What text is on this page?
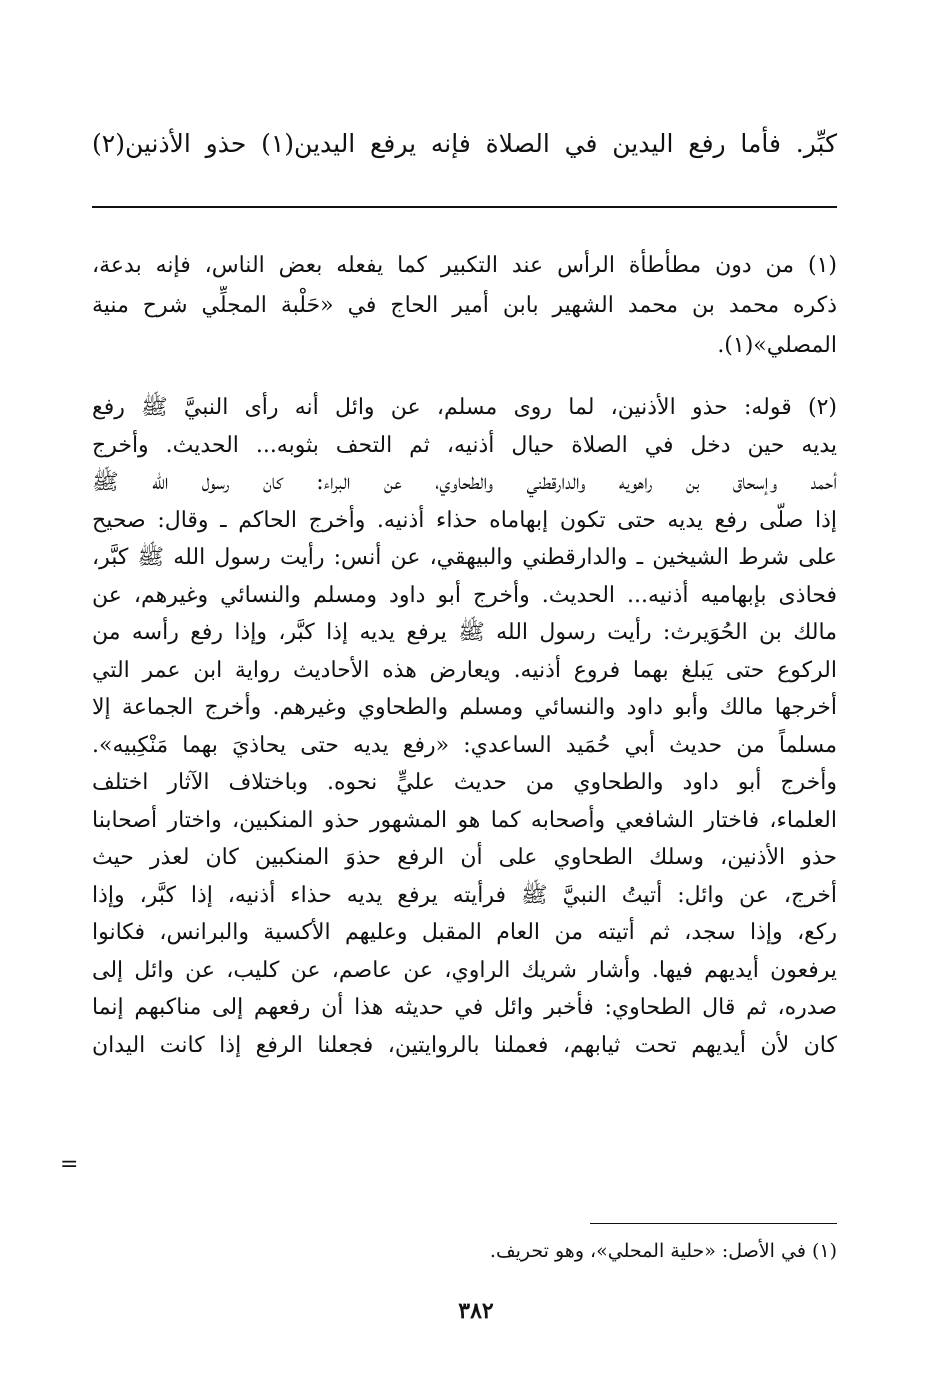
كبِّر. فأما رفع اليدين في الصلاة فإنه يرفع اليدين(١) حذو الأذنين(٢)
(١) من دون مطأطأة الرأس عند التكبير كما يفعله بعض الناس، فإنه بدعة،
ذكره محمد بن محمد الشهير بابن أمير الحاج في «حَلْبة المجلِّي شرح منية
المصلي»(١).
(٢) قوله: حذو الأذنين، لما روى مسلم، عن وائل أنه رأى النبيَّ ﷺ رفع
يديه حين دخل في الصلاة حيال أذنيه، ثم التحف بثوبه... الحديث. وأخرج
أحمد وإسحاق بن راهويه والدارقطني والطحاوي، عن البراء: كان رسول الله ﷺ
إذا صلّى رفع يديه حتى تكون إبهاماه حذاء أذنيه. وأخرج الحاكم ـ وقال: صحيح
على شرط الشيخين ـ والدارقطني والبيهقي، عن أنس: رأيت رسول الله ﷺ كبَّر،
فحاذى بإبهاميه أذنيه... الحديث. وأخرج أبو داود ومسلم والنسائي وغيرهم، عن
مالك بن الحُوَيرث: رأيت رسول الله ﷺ يرفع يديه إذا كبَّر، وإذا رفع رأسه من
الركوع حتى يَبلغ بهما فروع أذنيه. ويعارض هذه الأحاديث رواية ابن عمر التي
أخرجها مالك وأبو داود والنسائي ومسلم والطحاوي وغيرهم. وأخرج الجماعة إلا
مسلماً من حديث أبي حُمَيد الساعدي: «رفع يديه حتى يحاذيَ بهما مَنْكِبيه».
وأخرج أبو داود والطحاوي من حديث عليٍّ نحوه. وباختلاف الآثار اختلف
العلماء، فاختار الشافعي وأصحابه كما هو المشهور حذو المنكبين، واختار أصحابنا
حذو الأذنين، وسلك الطحاوي على أن الرفع حذوَ المنكبين كان لعذر حيث
أخرج، عن وائل: أتيتُ النبيَّ ﷺ فرأيته يرفع يديه حذاء أذنيه، إذا كبَّر، وإذا
ركع، وإذا سجد، ثم أتيته من العام المقبل وعليهم الأكسية والبرانس، فكانوا
يرفعون أيديهم فيها. وأشار شريك الراوي، عن عاصم، عن كليب، عن وائل إلى
صدره، ثم قال الطحاوي: فأخبر وائل في حديثه هذا أن رفعهم إلى مناكبهم إنما
كان لأن أيديهم تحت ثيابهم، فعملنا بالروايتين، فجعلنا الرفع إذا كانت اليدان
=
(١) في الأصل: «حلية المحلي»، وهو تحريف.
٣٨٢
